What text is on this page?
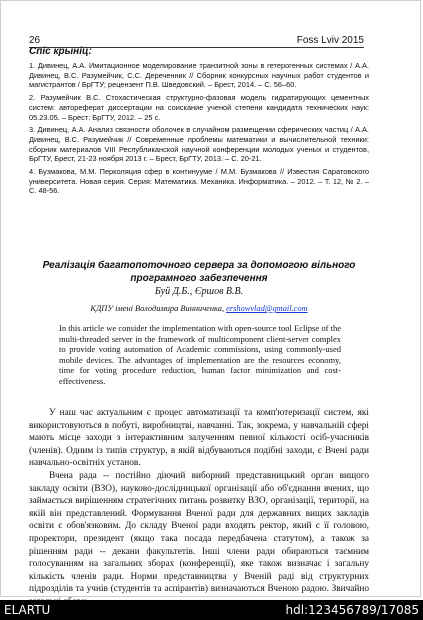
26	Foss Lviv 2015
Спіс крыніц:

1. Дивинец, А.А. Имитационное моделирование транзитной зоны в гетерогенных системах / А.А. Дивинец, В.С. Разумейчик, С.С. Дереченник // Сборник конкурсных научных работ студентов и магистрантов / БрГТУ; рецензент П.В. Шведовский. – Брест, 2014. – С. 56–60.

2. Разумейчик В.С. Стохастическая структурно-фазовая модель гидратирующих цементных систем: автореферат диссертации на соискание ученой степени кандидата технических наук: 05.23.05. – Брест: БрГТУ, 2012. – 25 с.

3. Дивинец, А.А. Анализ связности оболочек в случайном размещении сферических частиц / А.А. Дивинец, В.С. Разумейчик // Современные проблемы математики и вычислительной техники: сборник материалов VIII Республиканской научной конференции молодых ученых и студентов, БрГТУ, Брест, 21-23 ноября 2013 г. – Брест, БрГТУ, 2013. – С. 20-21.

4. Бузмакова, М.М. Перколяция сфер в континууме / М.М. Бузмакова // Известия Саратовского университета. Новая серия. Серия: Математика. Механика. Информатика. – 2012. – Т. 12, № 2. – С. 48-56.

Реалізація багатопоточного сервера за допомогою вільного програмного забезпечення
Буй Д.Б., Єршов В.В.
КДПУ імені Володимира Винниченка, ershowvlad@gmail.com

In this article we consider the implementation with open-source tool Eclipse of the multi-threaded server in the framework of multicomponent client-server complex to provide voting automation of Academic commissions, using commonly-used mobile devices. The advantages of implementation are the resources economy, time for voting procedure reduction, human factor minimization and cost-effectiveness.

У наш час актуальним є процес автоматизації та комп'ютеризації систем, які використовуються в побуті, виробництві, навчанні. Так, зокрема, у навчальній сфері мають місце заходи з інтерактивним залученням певної кількості осіб-учасників (членів). Одним із типів структур, в якій відбуваються подібні заходи, є Вчені ради навчально-освітніх установ.

Вчена рада -- постійно діючий виборний представницький орган вищого закладу освіти (ВЗО), науково-дослідницької організації або об'єднання вчених, що займається вирішенням стратегічних питань розвитку ВЗО, організації, території, на якій він представлений. Формування Вченої ради для державних вищих закладів освіти є обов'язковим. До складу Вченої ради входять ректор, який є її головою, проректори, президент (якщо така посада передбачена статутом), а також за рішенням ради -- декани факультетів. Інші члени ради обираються таємним голосуванням на загальних зборах (конференції), яке також визначає і загальну кількість членів ради. Норми представництва у Вченій раді від структурних підрозділів та учнів (студентів та аспірантів) визначаються Вченою радою. Звичайно

ELARTU	hdl:123456789/17085
